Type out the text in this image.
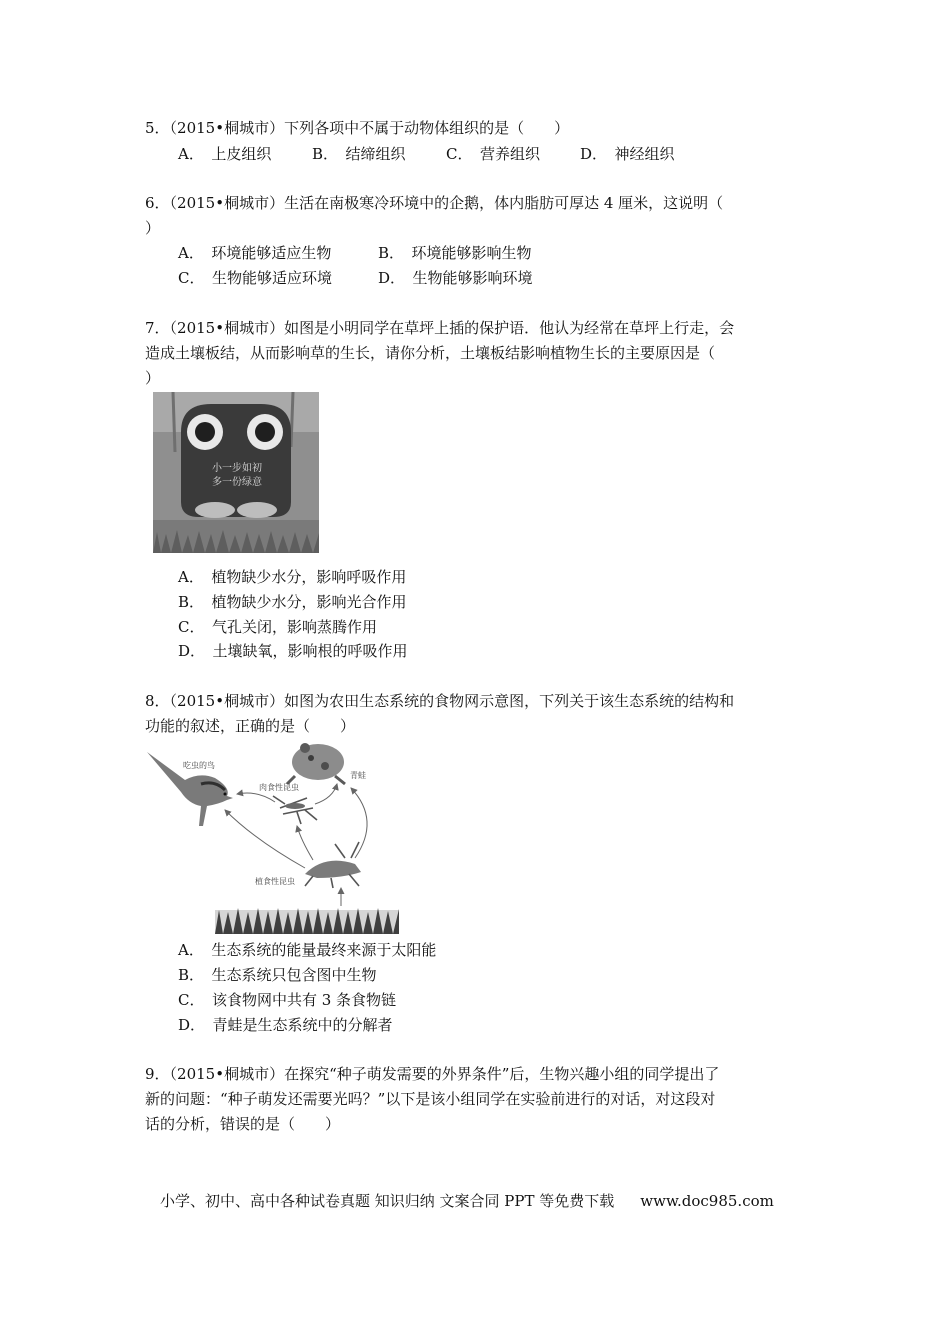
5．（2015•桐城市）下列各项中不属于动物体组织的是（　　）
A．　上皮组织	B．　结缔组织	C．　营养组织	D．　神经组织
6．（2015•桐城市）生活在南极寒冷环境中的企鹅，体内脂肪可厚达 4 厘米，这说明（
）
A．　环境能够适应生物	B．　环境能够影响生物
C．　生物能够适应环境	D．　生物能够影响环境
7．（2015•桐城市）如图是小明同学在草坪上插的保护语．他认为经常在草坪上行走，会
造成土壤板结，从而影响草的生长，请你分析，土壤板结影响植物生长的主要原因是（
）
小一步如初
多一份绿意
A．　植物缺少水分，影响呼吸作用
B．　植物缺少水分，影响光合作用
C．　气孔关闭，影响蒸腾作用
D．　土壤缺氧，影响根的呼吸作用
8．（2015•桐城市）如图为农田生态系统的食物网示意图，下列关于该生态系统的结构和
功能的叙述，正确的是（　　）
吃虫的鸟
青蛙
肉食性昆虫
植食性昆虫
A．　生态系统的能量最终来源于太阳能
B．　生态系统只包含图中生物
C．　该食物网中共有 3 条食物链
D．　青蛙是生态系统中的分解者
9．（2015•桐城市）在探究“种子萌发需要的外界条件”后，生物兴趣小组的同学提出了
新的问题：“种子萌发还需要光吗？”以下是该小组同学在实验前进行的对话，对这段对
话的分析，错误的是（　　）
小学、初中、高中各种试卷真题 知识归纳 文案合同 PPT 等免费下载 www.doc985.com
